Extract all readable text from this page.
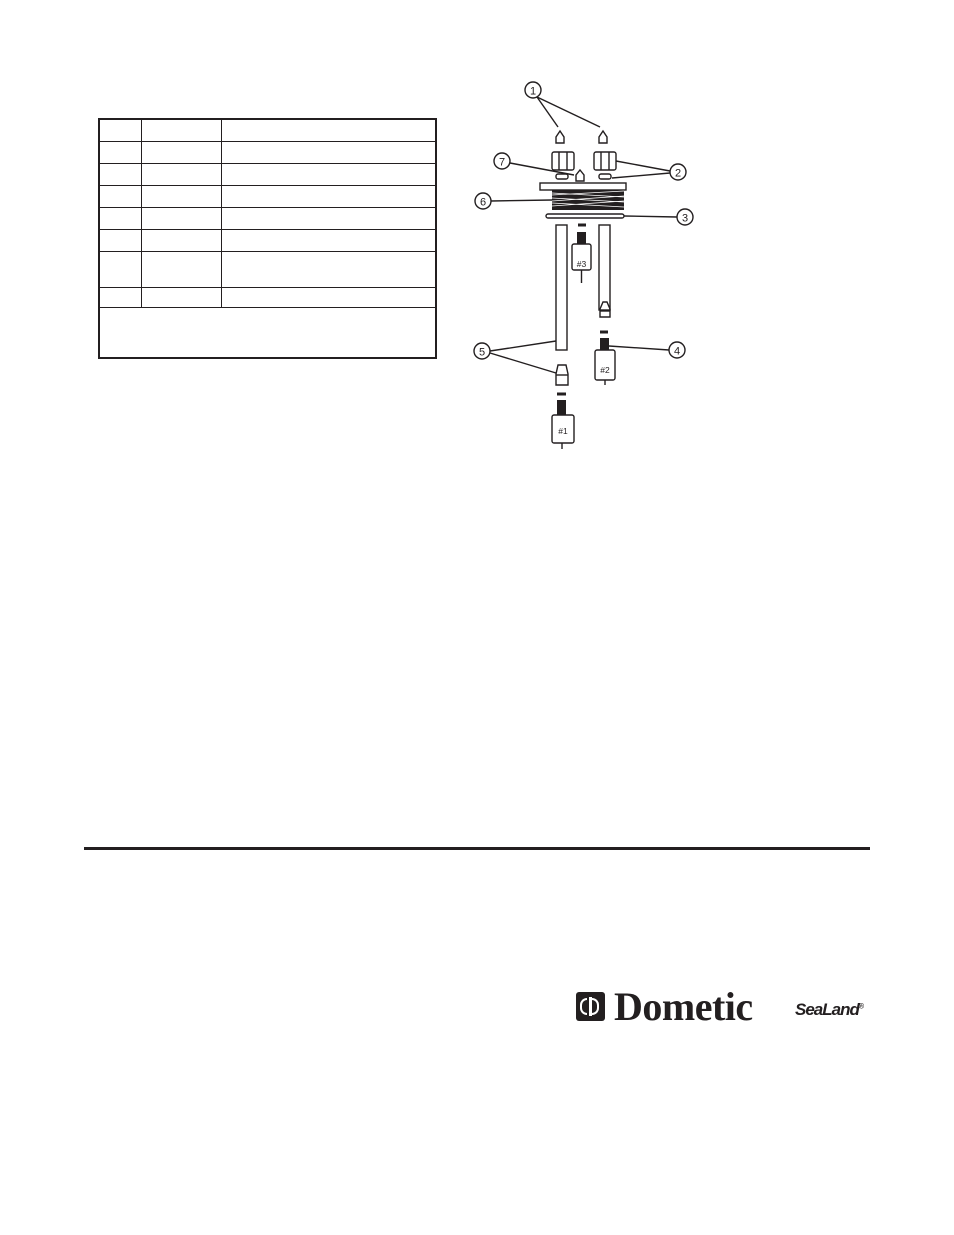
1
2
7
6
3
#3
#2
4
5
#1
Dometic SeaLand®
